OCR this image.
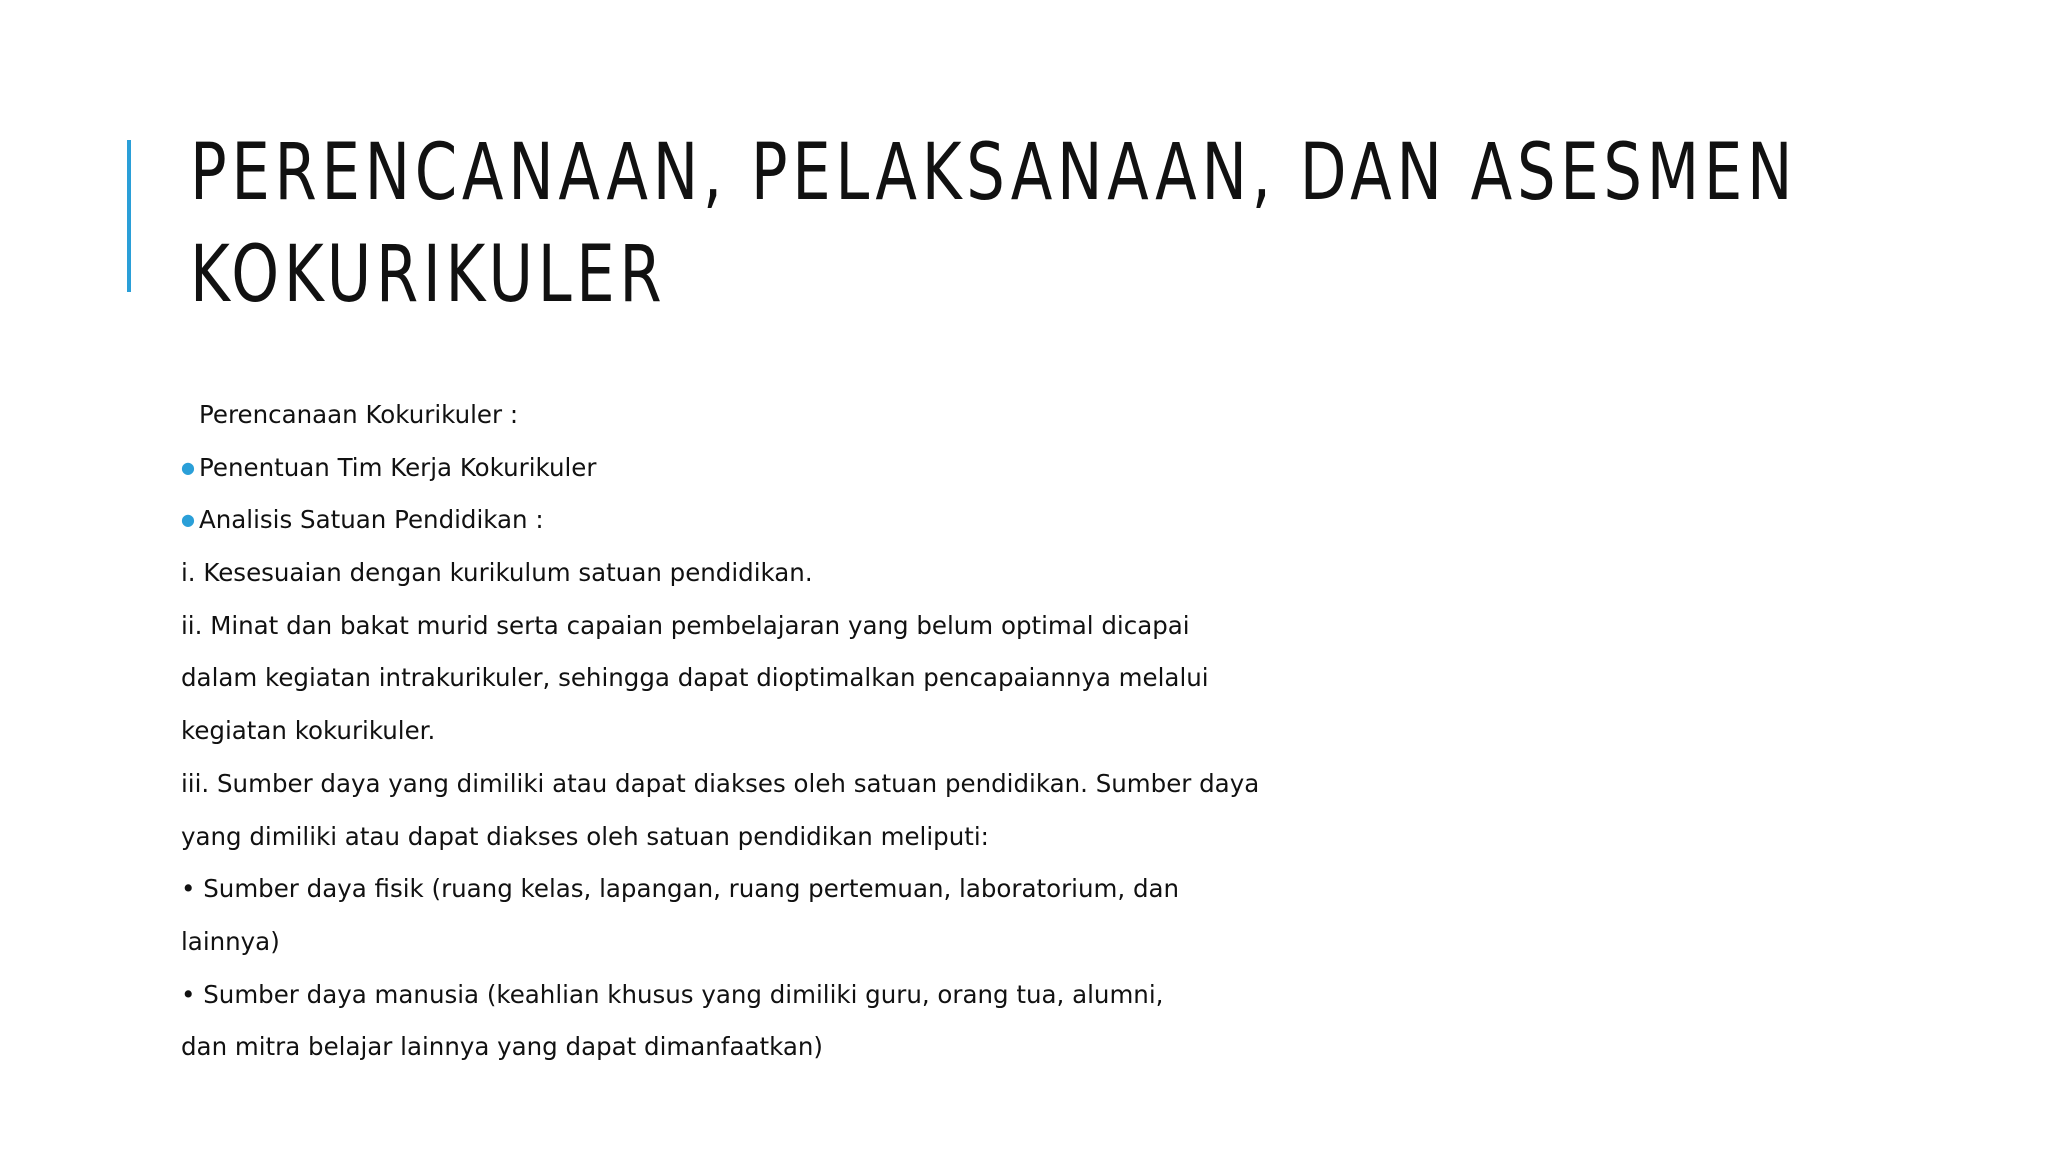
PERENCANAAN, PELAKSANAAN, DAN ASESMEN
KOKURIKULER
Perencanaan Kokurikuler :
● Penentuan Tim Kerja Kokurikuler
● Analisis Satuan Pendidikan :
i. Kesesuaian dengan kurikulum satuan pendidikan.
ii. Minat dan bakat murid serta capaian pembelajaran yang belum optimal dicapai
dalam kegiatan intrakurikuler, sehingga dapat dioptimalkan pencapaiannya melalui
kegiatan kokurikuler.
iii. Sumber daya yang dimiliki atau dapat diakses oleh satuan pendidikan. Sumber daya
yang dimiliki atau dapat diakses oleh satuan pendidikan meliputi:
• Sumber daya fisik (ruang kelas, lapangan, ruang pertemuan, laboratorium, dan
lainnya)
• Sumber daya manusia (keahlian khusus yang dimiliki guru, orang tua, alumni,
dan mitra belajar lainnya yang dapat dimanfaatkan)
